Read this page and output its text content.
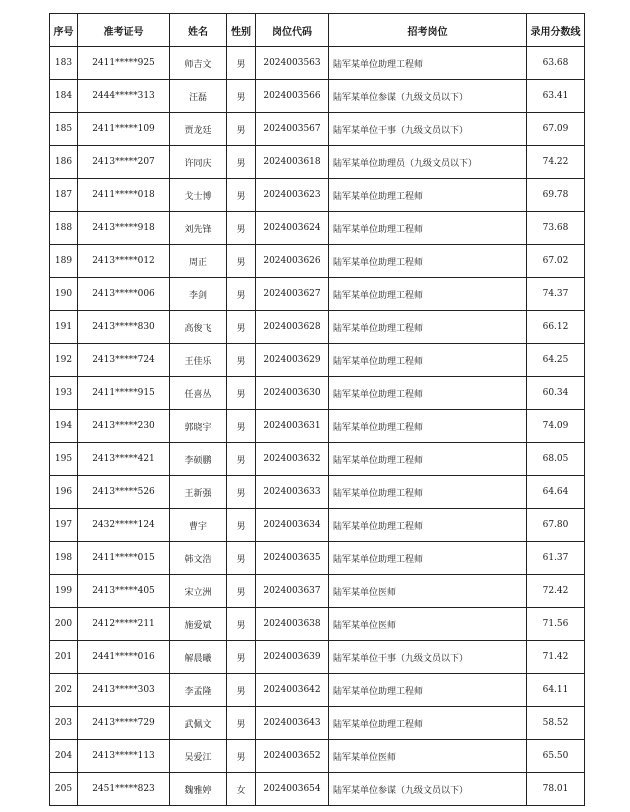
序号	准考证号	姓名	性别	岗位代码	招考岗位	录用分数线
183	2411*****925	师吉文	男	2024003563	陆军某单位助理工程师	63.68
184	2444*****313	汪磊	男	2024003566	陆军某单位参谋（九级文员以下）	63.41
185	2411*****109	贾龙廷	男	2024003567	陆军某单位干事（九级文员以下）	67.09
186	2413*****207	许同庆	男	2024003618	陆军某单位助理员（九级文员以下）	74.22
187	2411*****018	戈士博	男	2024003623	陆军某单位助理工程师	69.78
188	2413*****918	刘先锋	男	2024003624	陆军某单位助理工程师	73.68
189	2413*****012	周正	男	2024003626	陆军某单位助理工程师	67.02
190	2413*****006	李剑	男	2024003627	陆军某单位助理工程师	74.37
191	2413*****830	高俊飞	男	2024003628	陆军某单位助理工程师	66.12
192	2413*****724	王佳乐	男	2024003629	陆军某单位助理工程师	64.25
193	2411*****915	任喜丛	男	2024003630	陆军某单位助理工程师	60.34
194	2413*****230	郭晓宇	男	2024003631	陆军某单位助理工程师	74.09
195	2413*****421	李硕鹏	男	2024003632	陆军某单位助理工程师	68.05
196	2413*****526	王新强	男	2024003633	陆军某单位助理工程师	64.64
197	2432*****124	曹宇	男	2024003634	陆军某单位助理工程师	67.80
198	2411*****015	韩文浩	男	2024003635	陆军某单位助理工程师	61.37
199	2413*****405	宋立洲	男	2024003637	陆军某单位医师	72.42
200	2412*****211	施爱斌	男	2024003638	陆军某单位医师	71.56
201	2441*****016	解晨曦	男	2024003639	陆军某单位干事（九级文员以下）	71.42
202	2413*****303	李孟隆	男	2024003642	陆军某单位助理工程师	64.11
203	2413*****729	武佩文	男	2024003643	陆军某单位助理工程师	58.52
204	2413*****113	吴爱江	男	2024003652	陆军某单位医师	65.50
205	2451*****823	魏雅婷	女	2024003654	陆军某单位参谋（九级文员以下）	78.01
